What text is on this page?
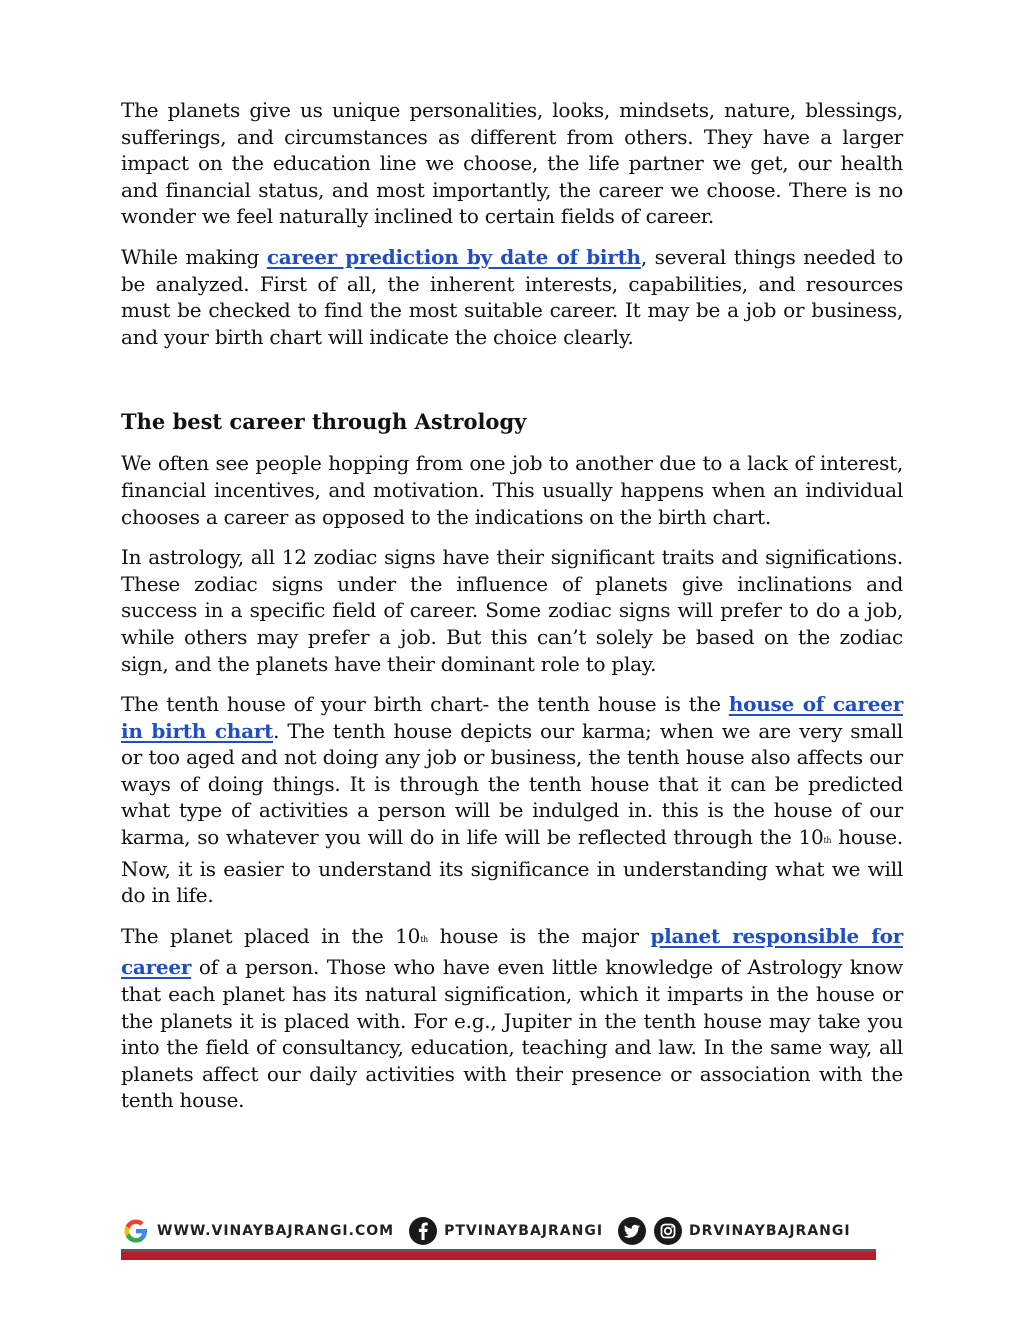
The planets give us unique personalities, looks, mindsets, nature, blessings, sufferings, and circumstances as different from others. They have a larger impact on the education line we choose, the life partner we get, our health and financial status, and most importantly, the career we choose. There is no wonder we feel naturally inclined to certain fields of career.

While making career prediction by date of birth, several things needed to be analyzed. First of all, the inherent interests, capabilities, and resources must be checked to find the most suitable career. It may be a job or business, and your birth chart will indicate the choice clearly.

The best career through Astrology

We often see people hopping from one job to another due to a lack of interest, financial incentives, and motivation. This usually happens when an individual chooses a career as opposed to the indications on the birth chart.

In astrology, all 12 zodiac signs have their significant traits and significations. These zodiac signs under the influence of planets give inclinations and success in a specific field of career. Some zodiac signs will prefer to do a job, while others may prefer a job. But this can’t solely be based on the zodiac sign, and the planets have their dominant role to play.

The tenth house of your birth chart- the tenth house is the house of career in birth chart. The tenth house depicts our karma; when we are very small or too aged and not doing any job or business, the tenth house also affects our ways of doing things. It is through the tenth house that it can be predicted what type of activities a person will be indulged in. this is the house of our karma, so whatever you will do in life will be reflected through the 10th house. Now, it is easier to understand its significance in understanding what we will do in life.

The planet placed in the 10th house is the major planet responsible for career of a person. Those who have even little knowledge of Astrology know that each planet has its natural signification, which it imparts in the house or the planets it is placed with. For e.g., Jupiter in the tenth house may take you into the field of consultancy, education, teaching and law. In the same way, all planets affect our daily activities with their presence or association with the tenth house.

WWW.VINAYBAJRANGI.COM	PTVINAYBAJRANGI	DRVINAYBAJRANGI
